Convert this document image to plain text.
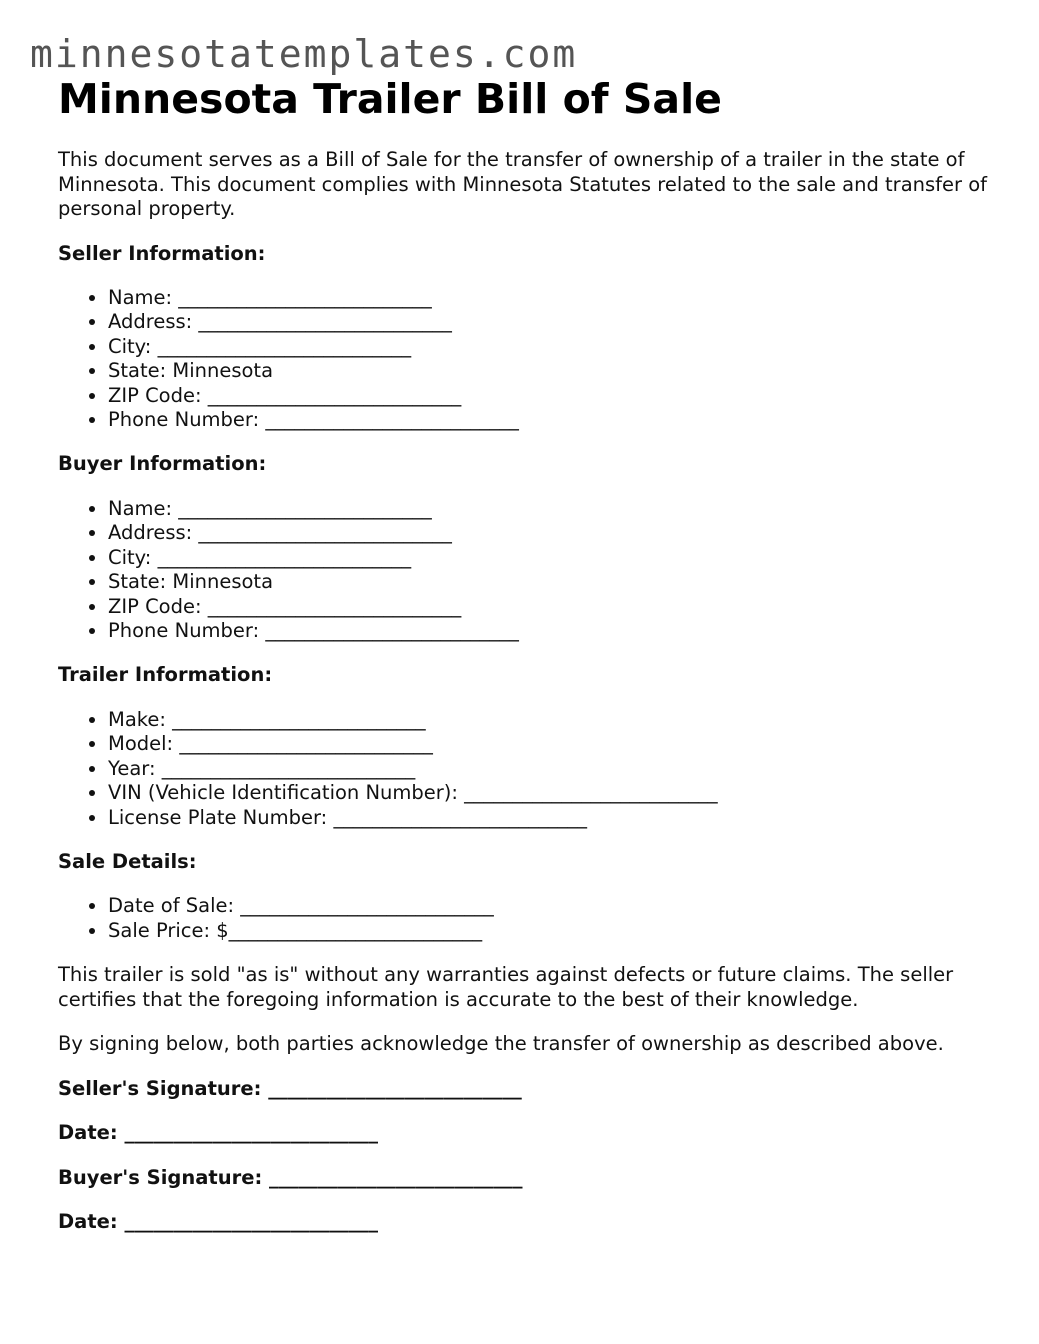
minnesotatemplates.com
Minnesota Trailer Bill of Sale

This document serves as a Bill of Sale for the transfer of ownership of a trailer in the state of Minnesota. This document complies with Minnesota Statutes related to the sale and transfer of personal property.

Seller Information:

• Name: __________________________
• Address: __________________________
• City: __________________________
• State: Minnesota
• ZIP Code: __________________________
• Phone Number: __________________________

Buyer Information:

• Name: __________________________
• Address: __________________________
• City: __________________________
• State: Minnesota
• ZIP Code: __________________________
• Phone Number: __________________________

Trailer Information:

• Make: __________________________
• Model: __________________________
• Year: __________________________
• VIN (Vehicle Identification Number): __________________________
• License Plate Number: __________________________

Sale Details:

• Date of Sale: __________________________
• Sale Price: $__________________________

This trailer is sold "as is" without any warranties against defects or future claims. The seller certifies that the foregoing information is accurate to the best of their knowledge.

By signing below, both parties acknowledge the transfer of ownership as described above.

Seller's Signature: __________________________

Date: __________________________

Buyer's Signature: __________________________

Date: __________________________
